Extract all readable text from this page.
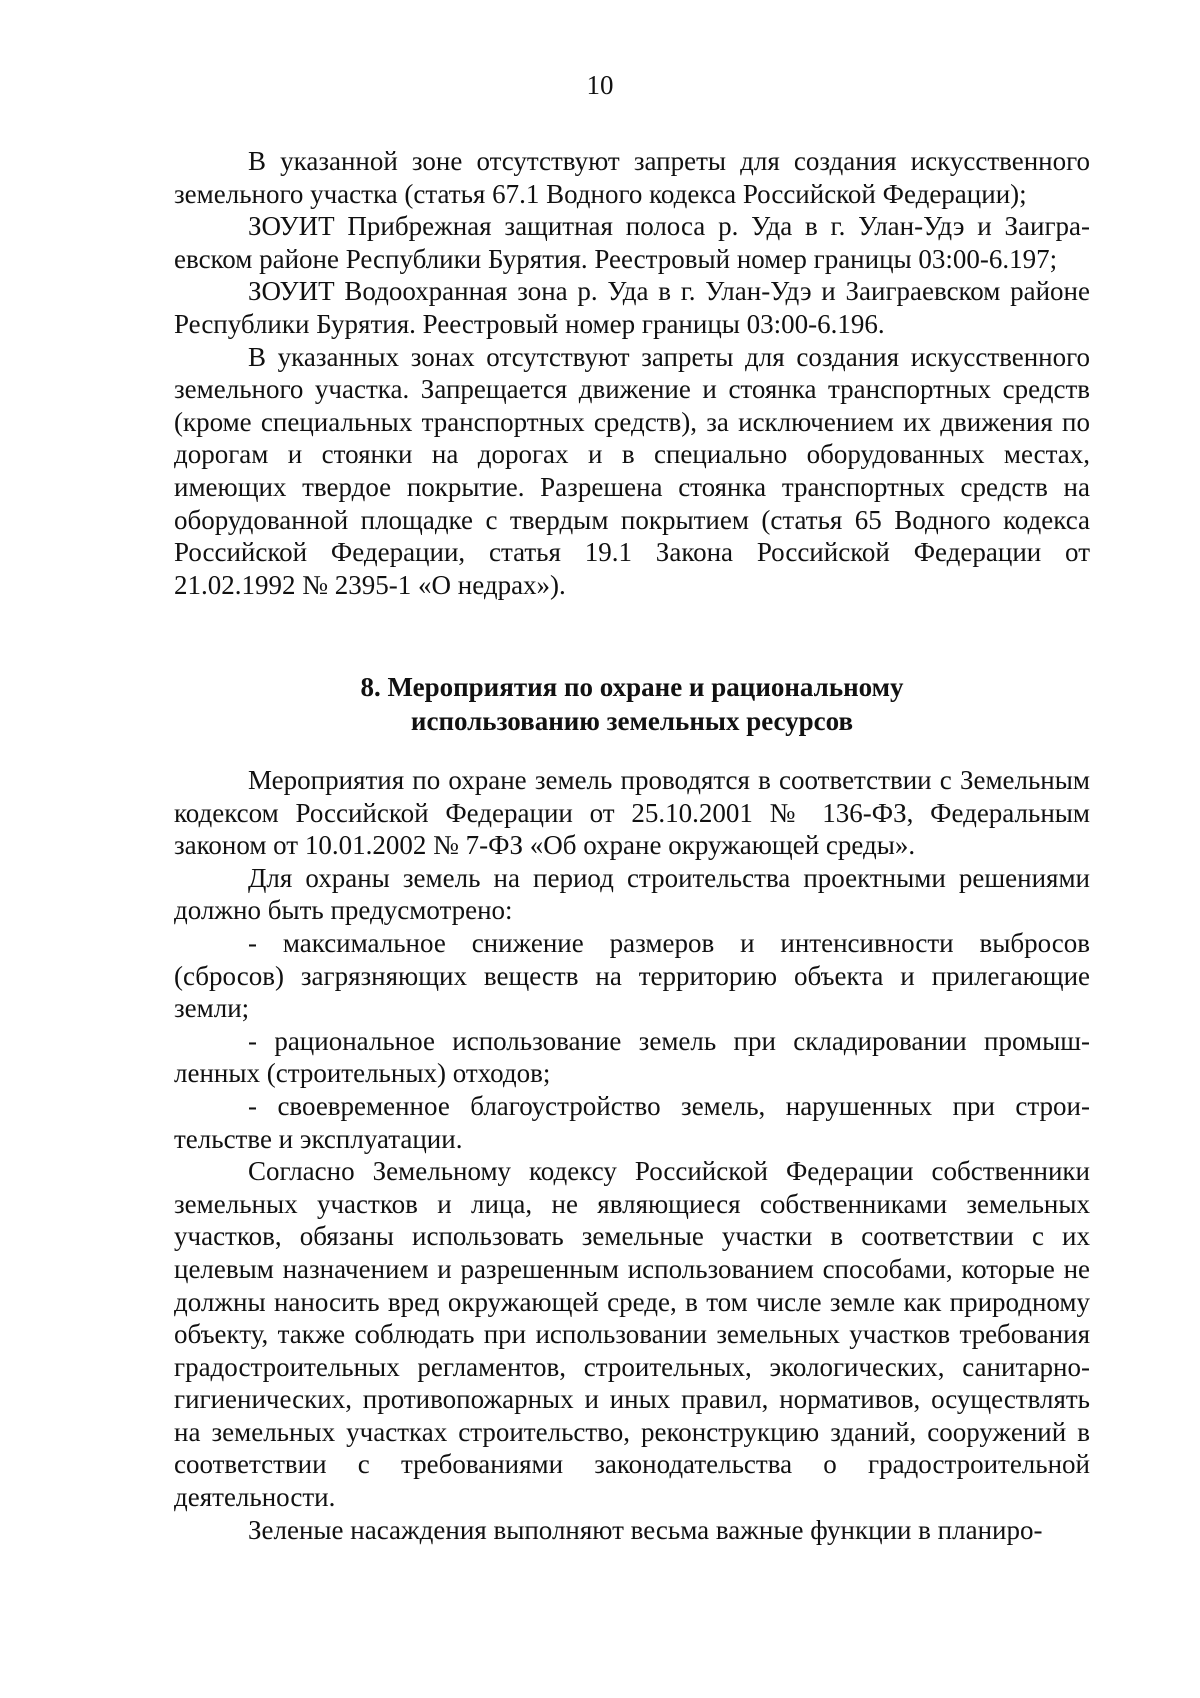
10

В указанной зоне отсутствуют запреты для создания искусственного земельного участка (статья 67.1 Водного кодекса Российской Федерации);

ЗОУИТ Прибрежная защитная полоса р. Уда в г. Улан-Удэ и Заиграевском районе Республики Бурятия. Реестровый номер границы 03:00-6.197;

ЗОУИТ Водоохранная зона р. Уда в г. Улан-Удэ и Заиграевском районе Республики Бурятия. Реестровый номер границы 03:00-6.196.

В указанных зонах отсутствуют запреты для создания искусственного земельного участка. Запрещается движение и стоянка транспортных средств (кроме специальных транспортных средств), за исключением их движения по дорогам и стоянки на дорогах и в специально оборудованных местах, имеющих твердое покрытие. Разрешена стоянка транспортных средств на оборудованной площадке с твердым покрытием (статья 65 Водного кодекса Российской Федерации, статья 19.1 Закона Российской Федерации от 21.02.1992 № 2395-1 «О недрах»).

8. Мероприятия по охране и рациональному
использованию земельных ресурсов

Мероприятия по охране земель проводятся в соответствии с Земельным кодексом Российской Федерации от 25.10.2001 № 136-ФЗ, Федеральным законом от 10.01.2002 № 7-ФЗ «Об охране окружающей среды».

Для охраны земель на период строительства проектными решениями должно быть предусмотрено:

- максимальное снижение размеров и интенсивности выбросов (сбросов) загрязняющих веществ на территорию объекта и прилегающие земли;

- рациональное использование земель при складировании промышленных (строительных) отходов;

- своевременное благоустройство земель, нарушенных при строительстве и эксплуатации.

Согласно Земельному кодексу Российской Федерации собственники земельных участков и лица, не являющиеся собственниками земельных участков, обязаны использовать земельные участки в соответствии с их целевым назначением и разрешенным использованием способами, которые не должны наносить вред окружающей среде, в том числе земле как природному объекту, также соблюдать при использовании земельных участков требования градостроительных регламентов, строительных, экологических, санитарно-гигиенических, противопожарных и иных правил, нормативов, осуществлять на земельных участках строительство, реконструкцию зданий, сооружений в соответствии с требованиями законодательства о градостроительной деятельности.

Зеленые насаждения выполняют весьма важные функции в планиро-
